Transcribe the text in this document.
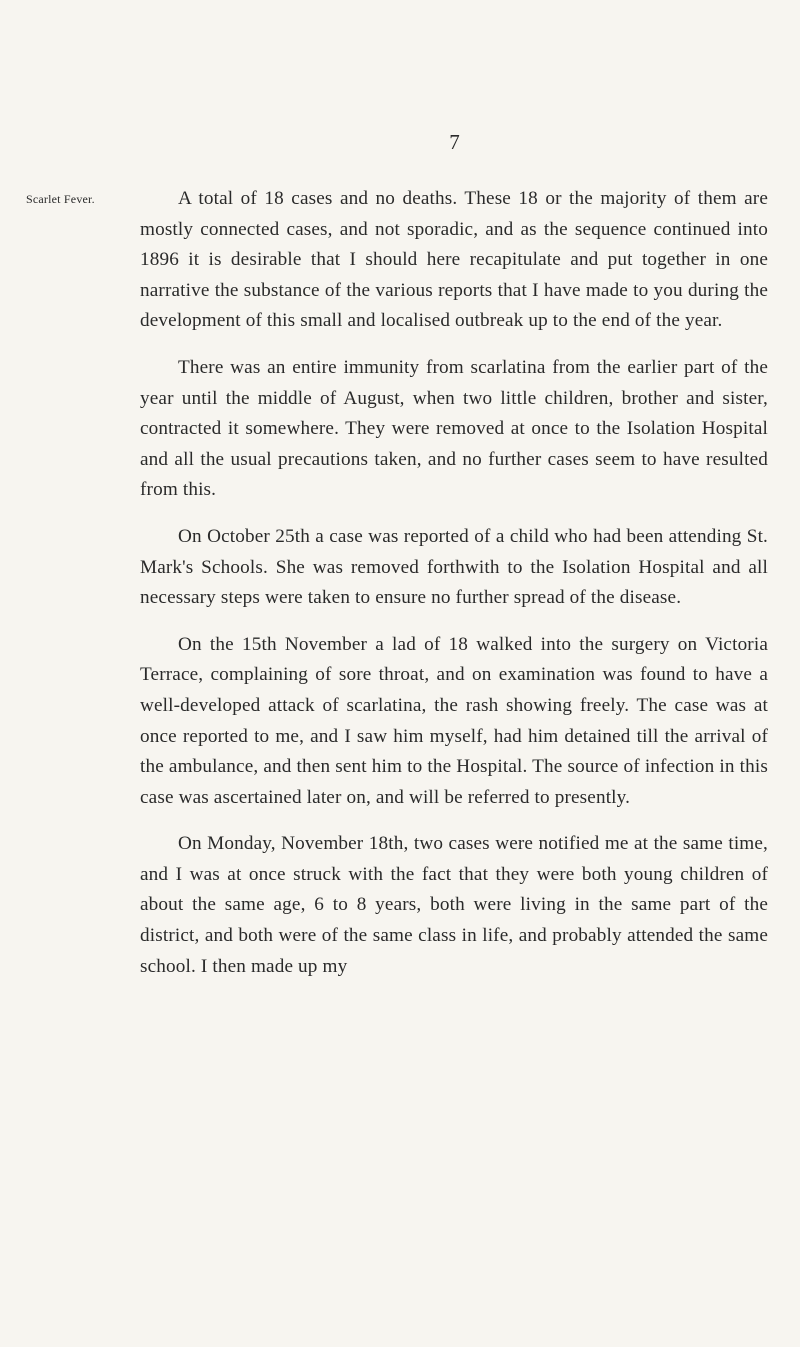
7
Scarlet Fever.	A total of 18 cases and no deaths. These 18 or the majority of them are mostly connected cases, and not sporadic, and as the sequence continued into 1896 it is desirable that I should here recapitulate and put together in one narrative the substance of the various reports that I have made to you during the development of this small and localised outbreak up to the end of the year.

There was an entire immunity from scarlatina from the earlier part of the year until the middle of August, when two little children, brother and sister, contracted it somewhere. They were removed at once to the Isolation Hospital and all the usual precautions taken, and no further cases seem to have resulted from this.

On October 25th a case was reported of a child who had been attending St. Mark's Schools. She was removed forthwith to the Isolation Hospital and all necessary steps were taken to ensure no further spread of the disease.

On the 15th November a lad of 18 walked into the surgery on Victoria Terrace, complaining of sore throat, and on examination was found to have a well-developed attack of scarlatina, the rash showing freely. The case was at once reported to me, and I saw him myself, had him detained till the arrival of the ambulance, and then sent him to the Hospital. The source of infection in this case was ascertained later on, and will be referred to presently.

On Monday, November 18th, two cases were notified me at the same time, and I was at once struck with the fact that they were both young children of about the same age, 6 to 8 years, both were living in the same part of the district, and both were of the same class in life, and probably attended the same school. I then made up my
